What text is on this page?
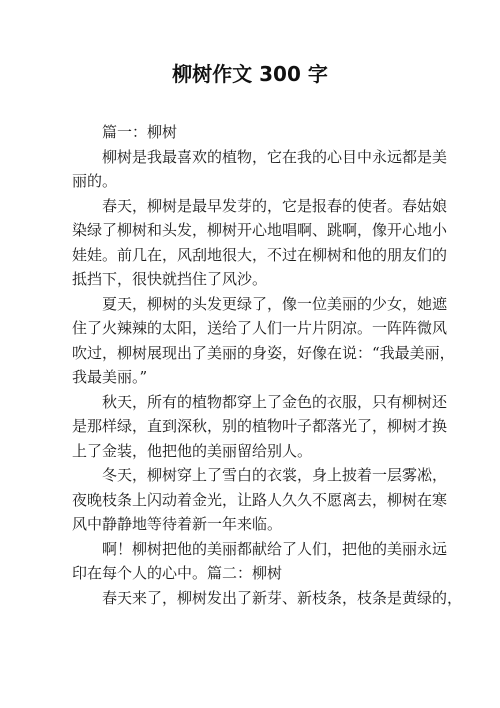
柳树作文 300 字
篇一：柳树
柳树是我最喜欢的植物，它在我的心目中永远都是美
丽的。
春天，柳树是最早发芽的，它是报春的使者。春姑娘
染绿了柳树和头发，柳树开心地唱啊、跳啊，像开心地小
娃娃。前几在，风刮地很大，不过在柳树和他的朋友们的
抵挡下，很快就挡住了风沙。
夏天，柳树的头发更绿了，像一位美丽的少女，她遮
住了火辣辣的太阳，送给了人们一片片阴凉。一阵阵微风
吹过，柳树展现出了美丽的身姿，好像在说：“我最美丽，
我最美丽。”
秋天，所有的植物都穿上了金色的衣服，只有柳树还
是那样绿，直到深秋，别的植物叶子都落光了，柳树才换
上了金装，他把他的美丽留给别人。
冬天，柳树穿上了雪白的衣裳，身上披着一层雾凇，
夜晚枝条上闪动着金光，让路人久久不愿离去，柳树在寒
风中静静地等待着新一年来临。
啊！柳树把他的美丽都献给了人们，把他的美丽永远
印在每个人的心中。篇二：柳树
春天来了，柳树发出了新芽、新枝条，枝条是黄绿的，
